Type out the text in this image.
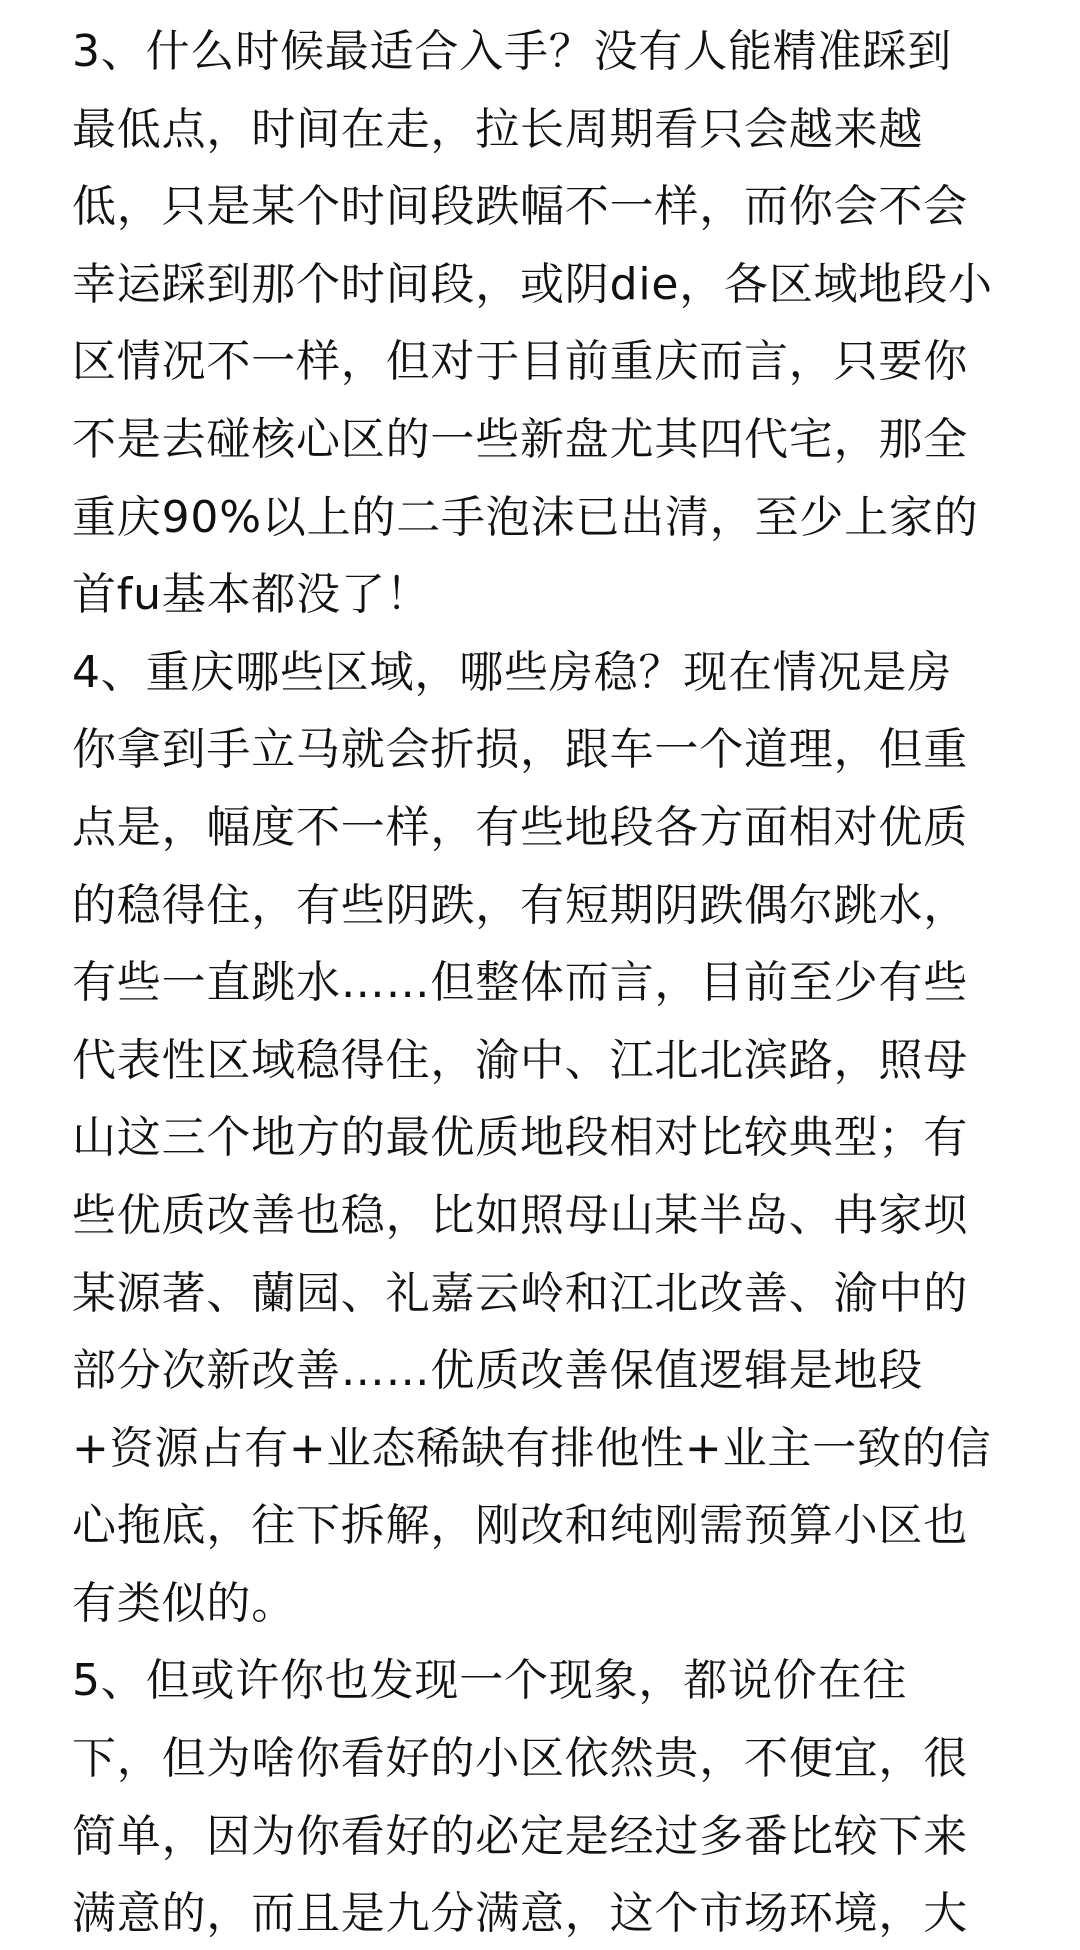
3、什么时候最适合入手？没有人能精准踩到
最低点，时间在走，拉长周期看只会越来越
低，只是某个时间段跌幅不一样，而你会不会
幸运踩到那个时间段，或阴die，各区域地段小
区情况不一样，但对于目前重庆而言，只要你
不是去碰核心区的一些新盘尤其四代宅，那全
重庆90%以上的二手泡沫已出清，至少上家的
首fu基本都没了！
4、重庆哪些区域，哪些房稳？现在情况是房
你拿到手立马就会折损，跟车一个道理，但重
点是，幅度不一样，有些地段各方面相对优质
的稳得住，有些阴跌，有短期阴跌偶尔跳水，
有些一直跳水……但整体而言，目前至少有些
代表性区域稳得住，渝中、江北北滨路，照母
山这三个地方的最优质地段相对比较典型；有
些优质改善也稳，比如照母山某半岛、冉家坝
某源著、蘭园、礼嘉云岭和江北改善、渝中的
部分次新改善……优质改善保值逻辑是地段
+资源占有+业态稀缺有排他性+业主一致的信
心拖底，往下拆解，刚改和纯刚需预算小区也
有类似的。
5、但或许你也发现一个现象，都说价在往
下，但为啥你看好的小区依然贵，不便宜，很
简单，因为你看好的必定是经过多番比较下来
满意的，而且是九分满意，这个市场环境，大
